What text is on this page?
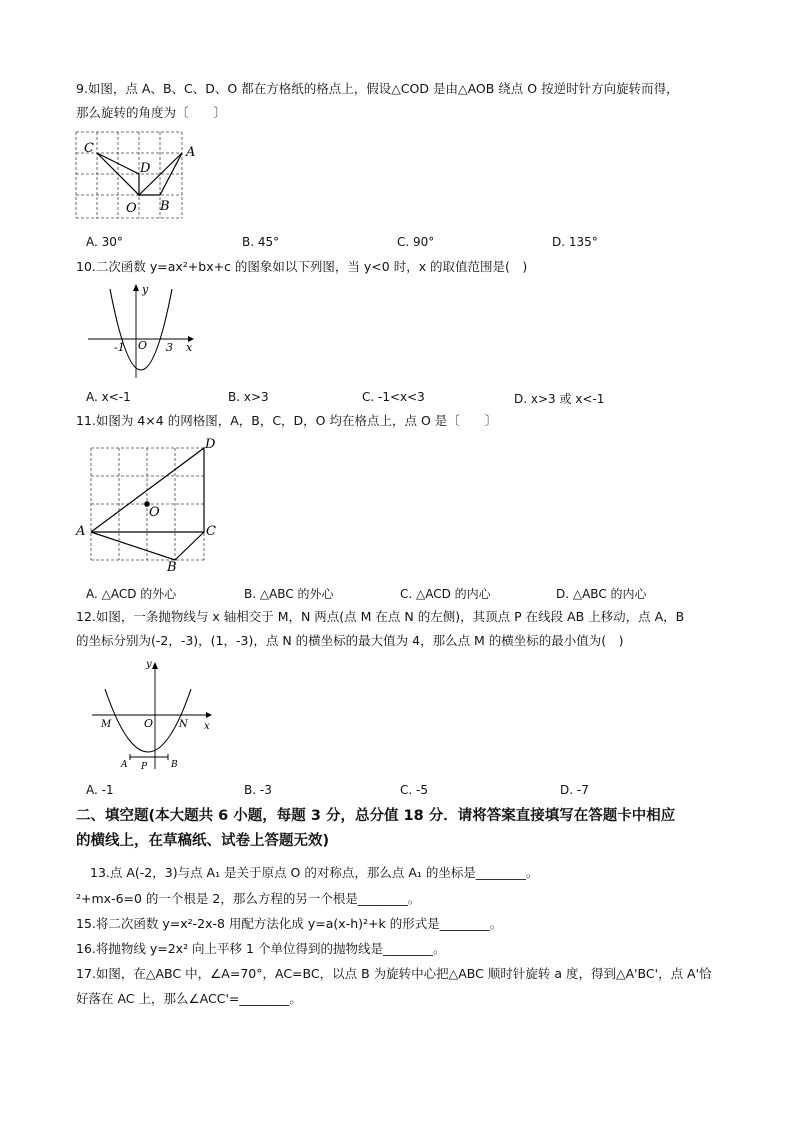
9.如图，点 A、B、C、D、O 都在方格纸的格点上，假设△COD 是由△AOB 绕点 O 按逆时针方向旋转而得，
那么旋转的角度为〔　　〕
C
D
A
O B
A. 30°	B. 45°	C. 90°	D. 135°
10.二次函数 y=ax²+bx+c 的图象如以下列图，当 y<0 时，x 的取值范围是(　)
y
x
-1 O 3
A. x<-1	B. x>3	C. -1<x<3	D. x>3 或 x<-1
11.如图为 4×4 的网格图，A，B，C，D，O 均在格点上，点 O 是〔　　〕
A
B
C
D
O
A. △ACD 的外心	B. △ABC 的外心	C. △ACD 的内心	D. △ABC 的内心
12.如图，一条抛物线与 x 轴相交于 M，N 两点(点 M 在点 N 的左侧)，其顶点 P 在线段 AB 上移动，点 A，B
的坐标分别为(-2，-3)，(1，-3)，点 N 的横坐标的最大值为 4，那么点 M 的横坐标的最小值为(　)
y
x
M	O	N
A P	B
A. -1	B. -3	C. -5	D. -7
二、填空题(本大题共 6 小题，每题 3 分，总分值 18 分．请将答案直接填写在答题卡中相应
的横线上，在草稿纸、试卷上答题无效)
13.点 A(-2，3)与点 A₁ 是关于原点 O 的对称点，那么点 A₁ 的坐标是________。
²+mx-6=0 的一个根是 2，那么方程的另一个根是________。
15.将二次函数 y=x²-2x-8 用配方法化成 y=a(x-h)²+k 的形式是________。
16.将抛物线 y=2x² 向上平移 1 个单位得到的抛物线是________。
17.如图，在△ABC 中，∠A=70°，AC=BC，以点 B 为旋转中心把△ABC 顺时针旋转 a 度，得到△A'BC'，点 A'恰
好落在 AC 上，那么∠ACC'=________。
